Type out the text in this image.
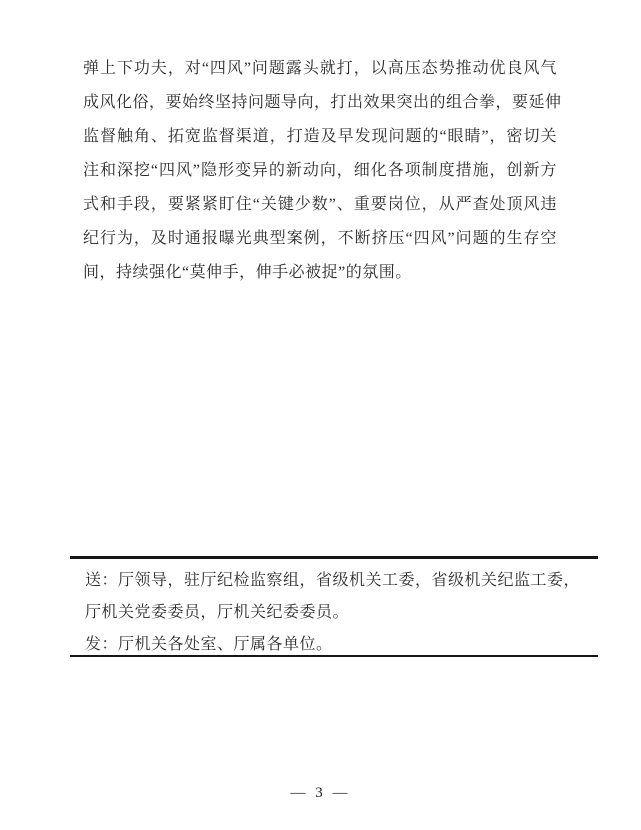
弹上下功夫，对“四风”问题露头就打，以高压态势推动优良风气
成风化俗，要始终坚持问题导向，打出效果突出的组合拳，要延伸
监督触角、拓宽监督渠道，打造及早发现问题的“眼睛”，密切关
注和深挖“四风”隐形变异的新动向，细化各项制度措施，创新方
式和手段，要紧紧盯住“关键少数”、重要岗位，从严查处顶风违
纪行为，及时通报曝光典型案例，不断挤压“四风”问题的生存空
间，持续强化“莫伸手，伸手必被捉”的氛围。
送：厅领导，驻厅纪检监察组，省级机关工委，省级机关纪监工委，
厅机关党委委员，厅机关纪委委员。
发：厅机关各处室、厅属各单位。
— 3 —
